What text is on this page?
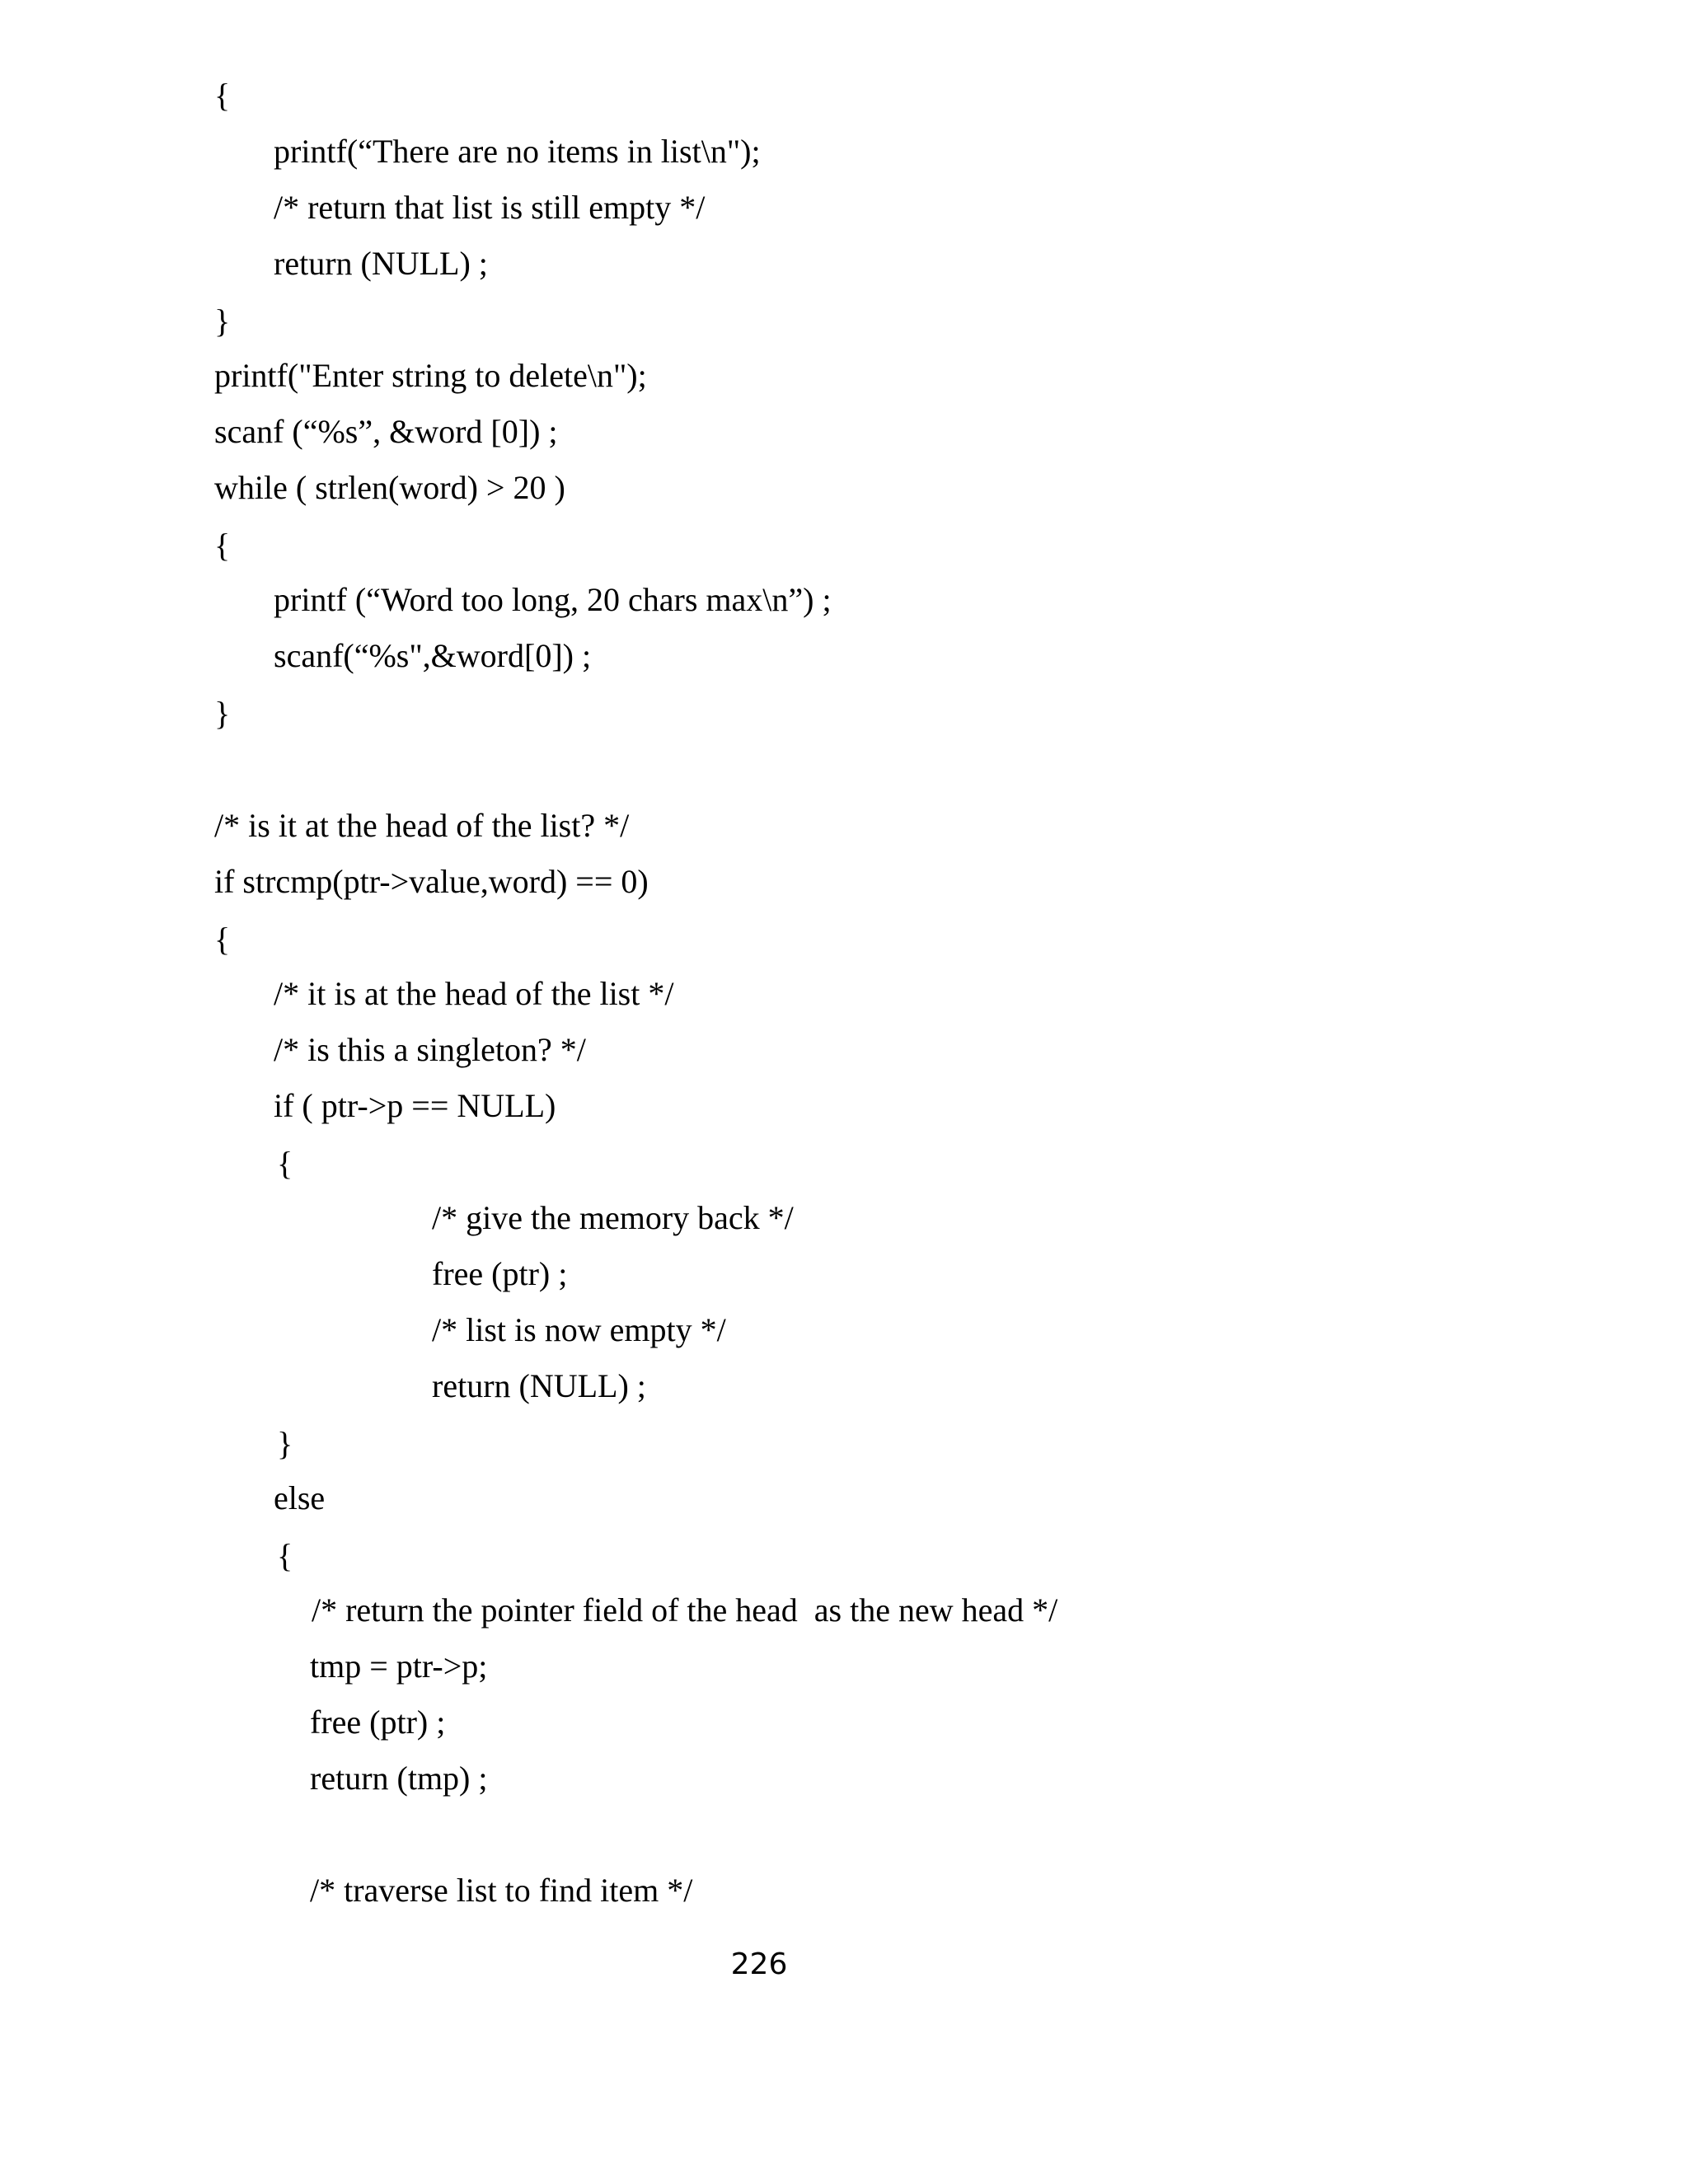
{

printf(“There are no items in list\n");

/* return that list is still empty */

return (NULL) ;

}

printf("Enter string to delete\n");

scanf (“%s”, &word [0]) ;

while ( strlen(word) > 20 )

{

printf (“Word too long, 20 chars max\n”) ;

scanf(“%s",&word[0]) ;

}

/* is it at the head of the list? */

if strcmp(ptr->value,word) == 0)

{

/* it is at the head of the list */

/* is this a singleton? */

if ( ptr->p == NULL)

{

/* give the memory back */

free (ptr) ;

/* list is now empty */

return (NULL) ;

}

else

{

/* return the pointer field of the head  as the new head */

tmp = ptr->p;

free (ptr) ;

return (tmp) ;

/* traverse list to find item */

226
